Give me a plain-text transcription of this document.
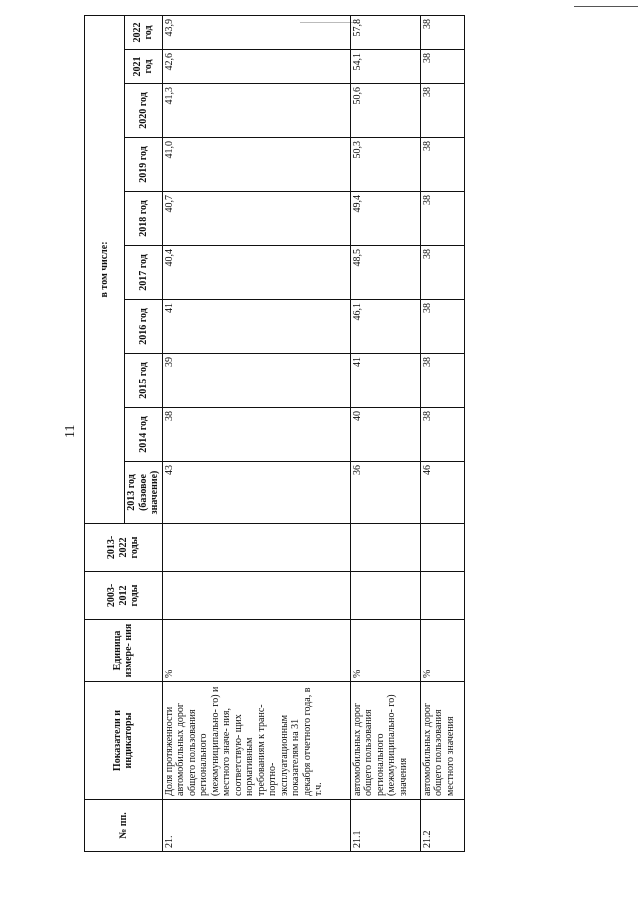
11
№ пп.	Показатели и индикаторы	Единица измере- ния	2003- 2012 годы	2013- 2022 годы	в том числе:									
					2013 год (базовое значение)	2014 год	2015 год	2016 год	2017 год	2018 год	2019 год	2020 год	2021 год	2022 год
21.	Доля протяженности автомобильных дорог общего пользования регионального (межмуниципально- го) и местного значе- ния, соответствую- щих нормативным требованиям к транс- портно- эксплуатационным показателям на 31 декабря отчетного года, в т.ч.	%			43	38	39	41	40,4	40,7	41,0	41,3	42,6	43,9
21.1	автомобильных дорог общего пользования регионального (межмуниципально- го) значения	%			36	40	41	46,1	48,5	49,4	50,3	50,6	54,1	57,8
21.2	автомобильных дорог общего пользования местного значения	%			46	38	38	38	38	38	38	38	38	38
